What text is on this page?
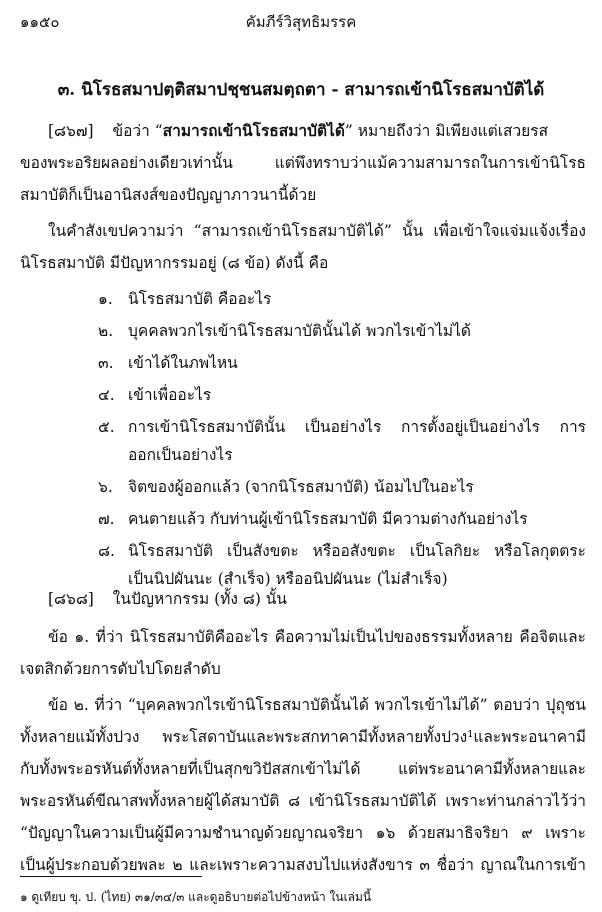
๑๑๕๐	คัมภีร์วิสุทธิมรรค
๓. นิโรธสมาปตฺติสมาปชฺชนสมตฺถตา - สามารถเข้านิโรธสมาบัติได้
[๘๖๗] ข้อว่า “สามารถเข้านิโรธสมาบัติได้” หมายถึงว่า มิเพียงแต่เสวยรส
ของพระอริยผลอย่างเดียวเท่านั้น แต่พึงทราบว่าแม้ความสามารถในการเข้านิโรธ
สมาบัติก็เป็นอานิสงส์ของปัญญาภาวนานี้ด้วย
ในคำสังเขปความว่า “สามารถเข้านิโรธสมาบัติได้” นั้น เพื่อเข้าใจแจ่มแจ้งเรื่อง
นิโรธสมาบัติ มีปัญหากรรมอยู่ (๘ ข้อ) ดังนี้ คือ
๑. นิโรธสมาบัติ คืออะไร
๒. บุคคลพวกไรเข้านิโรธสมาบัตินั้นได้ พวกไรเข้าไม่ได้
๓. เข้าได้ในภพไหน
๔. เข้าเพื่ออะไร
๕. การเข้านิโรธสมาบัตินั้น เป็นอย่างไร การตั้งอยู่เป็นอย่างไร การ
ออกเป็นอย่างไร
๖. จิตของผู้ออกแล้ว (จากนิโรธสมาบัติ) น้อมไปในอะไร
๗. คนตายแล้ว กับท่านผู้เข้านิโรธสมาบัติ มีความต่างกันอย่างไร
๘. นิโรธสมาบัติ เป็นสังขตะ หรืออสังขตะ เป็นโลกิยะ หรือโลกุตตระ
เป็นนิปผันนะ (สำเร็จ) หรืออนิปผันนะ (ไม่สำเร็จ)
[๘๖๘] ในปัญหากรรม (ทั้ง ๘) นั้น
ข้อ ๑. ที่ว่า นิโรธสมาบัติคืออะไร คือความไม่เป็นไปของธรรมทั้งหลาย คือจิตและ
เจตสิกด้วยการดับไปโดยลำดับ
ข้อ ๒. ที่ว่า “บุคคลพวกไรเข้านิโรธสมาบัตินั้นได้ พวกไรเข้าไม่ได้” ตอบว่า ปุถุชน
ทั้งหลายแม้ทั้งปวง พระโสดาบันและพระสกทาคามีทั้งหลายทั้งปวง¹และพระอนาคามี
กับทั้งพระอรหันต์ทั้งหลายที่เป็นสุกขวิปัสสกเข้าไม่ได้ แต่พระอนาคามีทั้งหลายและ
พระอรหันต์ขีณาสพทั้งหลายผู้ได้สมาบัติ ๘ เข้านิโรธสมาบัติได้ เพราะท่านกล่าวไว้ว่า
“ปัญญาในความเป็นผู้มีความชำนาญด้วยญาณจริยา ๑๖ ด้วยสมาธิจริยา ๙ เพราะ
เป็นผู้ประกอบด้วยพละ ๒ และเพราะความสงบไปแห่งสังขาร ๓ ชื่อว่า ญาณในการเข้า
๑ ดูเทียบ ขุ. ป. (ไทย) ๓๑/๓๔/๓ และดูอธิบายต่อไปข้างหน้า ในเล่มนี้
